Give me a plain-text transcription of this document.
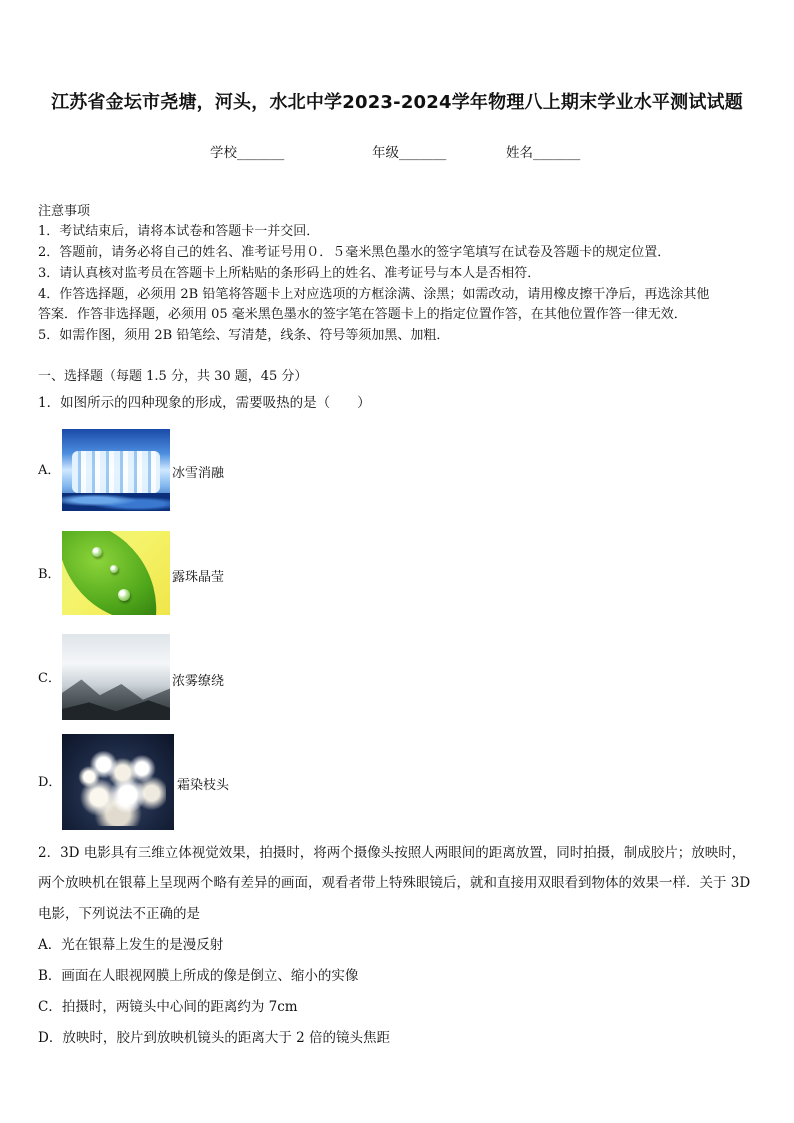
江苏省金坛市尧塘，河头，水北中学2023-2024学年物理八上期末学业水平测试试题
学校_______	年级_______	姓名_______
注意事项
1．考试结束后，请将本试卷和答题卡一并交回．
2．答题前，请务必将自己的姓名、准考证号用０．５毫米黑色墨水的签字笔填写在试卷及答题卡的规定位置．
3．请认真核对监考员在答题卡上所粘贴的条形码上的姓名、准考证号与本人是否相符．
4．作答选择题，必须用 2B 铅笔将答题卡上对应选项的方框涂满、涂黑；如需改动，请用橡皮擦干净后，再选涂其他
答案．作答非选择题，必须用 05 毫米黑色墨水的签字笔在答题卡上的指定位置作答，在其他位置作答一律无效．
5．如需作图，须用 2B 铅笔绘、写清楚，线条、符号等须加黑、加粗．
一、选择题（每题 1.5 分，共 30 题，45 分）
1．如图所示的四种现象的形成，需要吸热的是（　　）
A．	冰雪消融
B．	露珠晶莹
C．	浓雾缭绕
D．	霜染枝头
2．3D 电影具有三维立体视觉效果，拍摄时，将两个摄像头按照人两眼间的距离放置，同时拍摄，制成胶片；放映时，
两个放映机在银幕上呈现两个略有差异的画面，观看者带上特殊眼镜后，就和直接用双眼看到物体的效果一样．关于 3D
电影，下列说法不正确的是
A．光在银幕上发生的是漫反射
B．画面在人眼视网膜上所成的像是倒立、缩小的实像
C．拍摄时，两镜头中心间的距离约为 7cm
D．放映时，胶片到放映机镜头的距离大于 2 倍的镜头焦距
